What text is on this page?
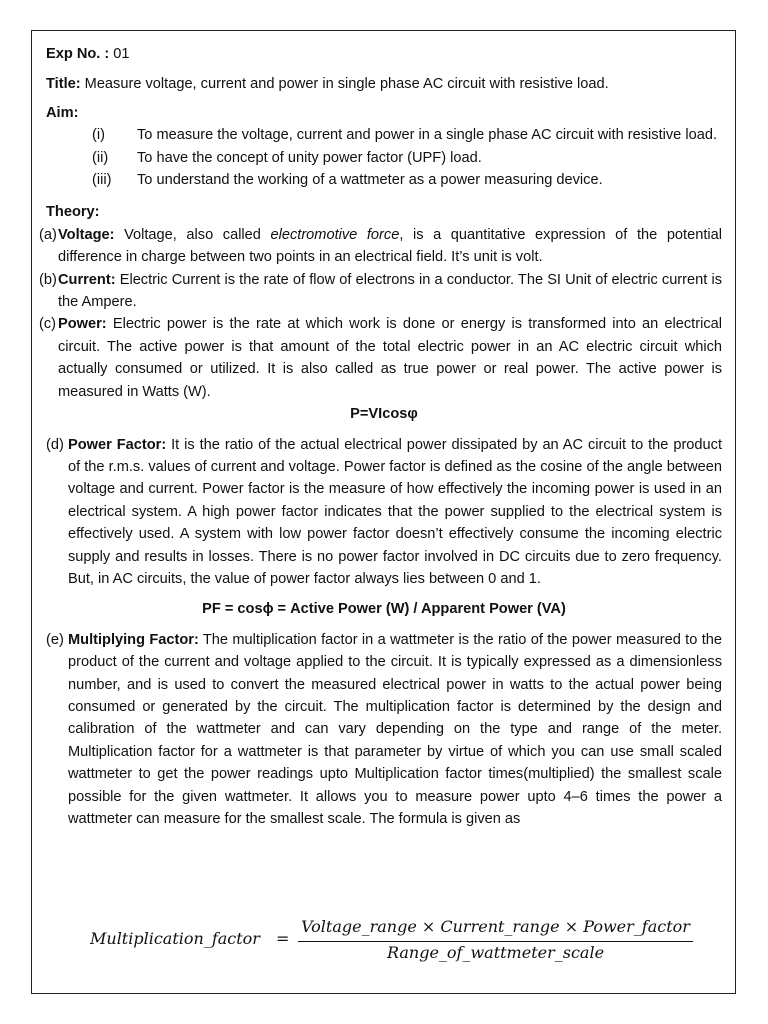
Exp No. : 01

Title: Measure voltage, current and power in single phase AC circuit with resistive load.

Aim:

(i)	To measure the voltage, current and power in a single phase AC circuit with resistive load.
(ii)	To have the concept of unity power factor (UPF) load.
(iii)	To understand the working of a wattmeter as a power measuring device.

Theory:

(a) Voltage: Voltage, also called electromotive force, is a quantitative expression of the potential difference in charge between two points in an electrical field. It’s unit is volt.
(b) Current: Electric Current is the rate of flow of electrons in a conductor. The SI Unit of electric current is the Ampere.
(c) Power: Electric power is the rate at which work is done or energy is transformed into an electrical circuit. The active power is that amount of the total electric power in an AC electric circuit which actually consumed or utilized. It is also called as true power or real power. The active power is measured in Watts (W).

P=VIcosφ

(d) Power Factor: It is the ratio of the actual electrical power dissipated by an AC circuit to the product of the r.m.s. values of current and voltage. Power factor is defined as the cosine of the angle between voltage and current. Power factor is the measure of how effectively the incoming power is used in an electrical system. A high power factor indicates that the power supplied to the electrical system is effectively used. A system with low power factor doesn’t effectively consume the incoming electric supply and results in losses. There is no power factor involved in DC circuits due to zero frequency. But, in AC circuits, the value of power factor always lies between 0 and 1.

PF = cosϕ = Active Power (W) / Apparent Power (VA)

(e) Multiplying Factor: The multiplication factor in a wattmeter is the ratio of the power measured to the product of the current and voltage applied to the circuit. It is typically expressed as a dimensionless number, and is used to convert the measured electrical power in watts to the actual power being consumed or generated by the circuit. The multiplication factor is determined by the design and calibration of the wattmeter and can vary depending on the type and range of the meter. Multiplication factor for a wattmeter is that parameter by virtue of which you can use small scaled wattmeter to get the power readings upto Multiplication factor times(multiplied) the smallest scale possible for the given wattmeter. It allows you to measure power upto 4–6 times the power a wattmeter can measure for the smallest scale. The formula is given as
Multiplication_factor =
Voltage_range × Current_range × Power_factor
Range_of_wattmeter_scale
